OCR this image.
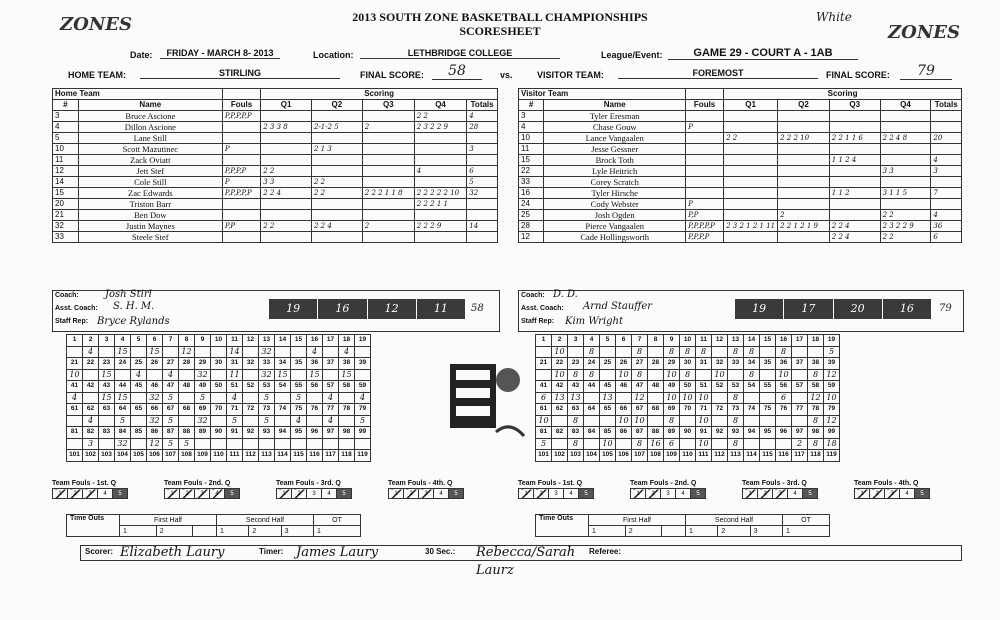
2013 SOUTH ZONE BASKETBALL CHAMPIONSHIPS
SCORESHEET
White
ZONES	ZONES
Date:	FRIDAY - MARCH 8- 2013	Location:	LETHBRIDGE COLLEGE	League/Event:	GAME 29 - COURT A - 1AB
HOME TEAM:	STIRLING	FINAL SCORE:	58	vs.	VISITOR TEAM:	FOREMOST	FINAL SCORE:	79
Home Team			Scoring				
#	Name	Fouls	Q1	Q2	Q3	Q4	Totals
3	Bruce Ascione	P,P,P,P,P				2 2	4
4	Dillon Ascione		2 3 3 8	2-1-2 5	2	2 3 2 2 9	28
5	Lane Still						
10	Scott Mazutinec	P		2 1 3			3
11	Zack Oviatt						
12	Jett Stef	P,P,P,P	2 2			4	6
14	Cole Still	P	3 3	2 2			5
15	Zac Edwards	P,P,P,P,P	2 2 4	2 2	2 2 2 1 1 8	2 2 2 2 2 10	32
20	Triston Barr					2 2 2 1 1	
21	Ben Dow						
32	Justin Maynes	P,P	2 2	2 2 4	2	2 2 2 9	14
33	Steele Stef						
Visitor Team			Scoring				
#	Name	Fouls	Q1	Q2	Q3	Q4	Totals
3	Tyler Eresman						
4	Chase Gouw	P					
10	Lance Vangaalen		2 2	2 2 2 10	2 2 1 1 6	2 2 4 8	20
11	Jesse Gessner						
15	Brock Toth				1 1 2 4		4
22	Lyle Heitrich					3 3	3
33	Corey Scratch						
16	Tyler Hirsche				1 1 2	3 1 1 5	7
24	Cody Webster	P					
25	Josh Ogden	P,P		2		2 2	4
28	Pierce Vangaalen	P,P,P,P,P	2 3 2 1 2 1 11	2 2 1 2 1 9	2 2 4	2 3 2 2 9	36
12	Cade Hollingsworth	P,P,P,P			2 2 4	2 2	6
Coach:
Asst. Coach:
Staff Rep:
Josh Stirl
S. H. M.
Bryce Rylands
19	16	12	11	58
Coach:
Asst. Coach:
Staff Rep:
D. D.
Arnd Stauffer
Kim Wright
19	17	20	16	79
1	2	3	4	5	6	7	8	9	10	11	12	13	14	15	16	17	18	19
	4		15		15		12			14		32			4		4	
21	22	23	24	25	26	27	28	29	30	31	32	33	34	35	36	37	38	39
10		15		4		4		32		11		32	15		15		15	
41	42	43	44	45	46	47	48	49	50	51	52	53	54	55	56	57	58	59
4		15	15		32	5		5		4		5		5		4		4
61	62	63	64	65	66	67	68	69	70	71	72	73	74	75	76	77	78	79
	4		5		32	5		32		5		5		4		4		5
81	82	83	84	85	86	87	88	89	90	91	92	93	94	95	96	97	98	99
	3		32		12	5	5											
101	102	103	104	105	106	107	108	109	110	111	112	113	114	115	116	117	118	119
1	2	3	4	5	6	7	8	9	10	11	12	13	14	15	16	17	18	19
	10		8			8		8	8	8		8	8		8			5
21	22	23	24	25	26	27	28	29	30	31	32	33	34	35	36	37	38	39
	10	8	8		10	8		10	8		10		8		10		8	12
41	42	43	44	45	46	47	48	49	50	51	52	53	54	55	56	57	58	59
6	13	13		13		12		10	10	10		8			6		12	10
61	62	63	64	65	66	67	68	69	70	71	72	73	74	75	76	77	78	79
10		8			10	10		8		10		8					8	12
81	82	83	84	85	86	87	88	89	90	91	92	93	94	95	96	97	98	99
5		8		10		8	16	6		10		8				2	8	18
101	102	103	104	105	106	107	108	109	110	111	112	113	114	115	116	117	118	119
Team Fouls - 1st. Q
1	2	3	4	5
Team Fouls - 2nd. Q
1	2	3	4	5
Team Fouls - 3rd. Q
1	2	3	4	5
Team Fouls - 4th. Q
1	2	3	4	5
Team Fouls - 1st. Q
1	2	3	4	5
Team Fouls - 2nd. Q
1	2	3	4	5
Team Fouls - 3rd. Q
1	2	3	4	5
Team Fouls - 4th. Q
1	2	3	4	5
Time Outs	First Half			Second Half			OT
	1	2		1	2	3	1
Time Outs	First Half			Second Half			OT
	1	2		1	2	3	1
Scorer:	Timer:	30 Sec.:	Referee:
Elizabeth Laury	James Laury	Rebecca/Sarah Laurz
